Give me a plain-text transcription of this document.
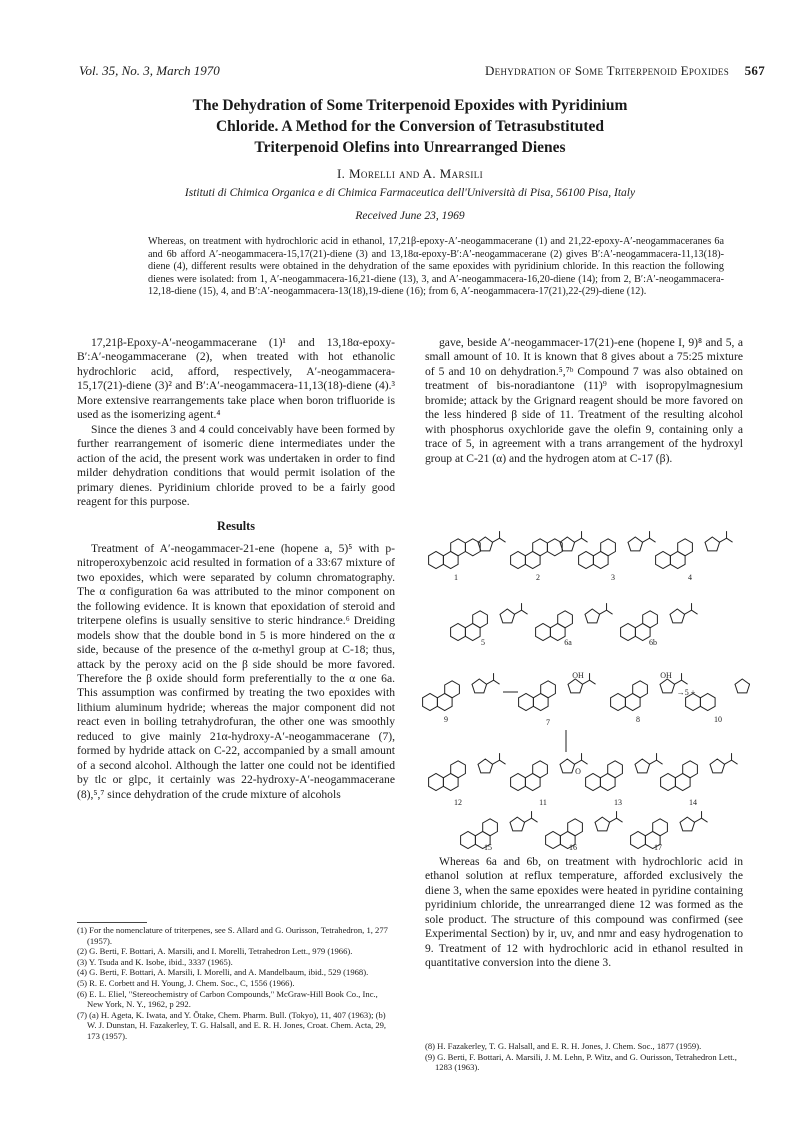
Vol. 35, No. 3, March 1970	Dehydration of Some Triterpenoid Epoxides 567
The Dehydration of Some Triterpenoid Epoxides with Pyridinium
Chloride. A Method for the Conversion of Tetrasubstituted
Triterpenoid Olefins into Unrearranged Dienes
I. Morelli and A. Marsili
Istituti di Chimica Organica e di Chimica Farmaceutica dell'Università di Pisa, 56100 Pisa, Italy
Received June 23, 1969
Whereas, on treatment with hydrochloric acid in ethanol, 17,21β-epoxy-A′-neogammacerane (1) and 21,22-epoxy-A′-neogammaceranes 6a and 6b afford A′-neogammacera-15,17(21)-diene (3) and 13,18α-epoxy-B′:A′-neogammacerane (2) gives B′:A′-neogammacera-11,13(18)-diene (4), different results were obtained in the dehydration of the same epoxides with pyridinium chloride. In this reaction the following dienes were isolated: from 1, A′-neogammacera-16,21-diene (13), 3, and A′-neogammacera-16,20-diene (14); from 2, B′:A′-neogammacera-12,18-diene (15), 4, and B′:A′-neogammacera-13(18),19-diene (16); from 6, A′-neogammacera-17(21),22-(29)-diene (12).

17,21β-Epoxy-A′-neogammacerane (1)¹ and 13,18α-epoxy-B′:A′-neogammacerane (2), when treated with hot ethanolic hydrochloric acid, afford, respectively, A′-neogammacera-15,17(21)-diene (3)² and B′:A′-neogammacera-11,13(18)-diene (4).³ More extensive rearrangements take place when boron trifluoride is used as the isomerizing agent.⁴

Since the dienes 3 and 4 could conceivably have been formed by further rearrangement of isomeric diene intermediates under the action of the acid, the present work was undertaken in order to find milder dehydration conditions that would permit isolation of the primary dienes. Pyridinium chloride proved to be a fairly good reagent for this purpose.

Results

Treatment of A′-neogammacer-21-ene (hopene a, 5)⁵ with p-nitroperoxybenzoic acid resulted in formation of a 33:67 mixture of two epoxides, which were separated by column chromatography. The α configuration 6a was attributed to the minor component on the following evidence. It is known that epoxidation of steroid and triterpene olefins is usually sensitive to steric hindrance.⁶ Dreiding models show that the double bond in 5 is more hindered on the α side, because of the presence of the α-methyl group at C-18; thus, attack by the peroxy acid on the β side should be more favored. Therefore the β oxide should form preferentially to the α one 6a. This assumption was confirmed by treating the two epoxides with lithium aluminum hydride; whereas the major component did not react even in boiling tetrahydrofuran, the other one was smoothly reduced to give mainly 21α-hydroxy-A′-neogammacerane (7), formed by hydride attack on C-22, accompanied by a small amount of a second alcohol. Although the latter one could not be identified by tlc or glpc, it certainly was 22-hydroxy-A′-neogammacerane (8),⁵,⁷ since dehydration of the crude mixture of alcohols

(1) For the nomenclature of triterpenes, see S. Allard and G. Ourisson, Tetrahedron, 1, 277 (1957).
(2) G. Berti, F. Bottari, A. Marsili, and I. Morelli, Tetrahedron Lett., 979 (1966).
(3) Y. Tsuda and K. Isobe, ibid., 3337 (1965).
(4) G. Berti, F. Bottari, A. Marsili, I. Morelli, and A. Mandelbaum, ibid., 529 (1968).
(5) R. E. Corbett and H. Young, J. Chem. Soc., C, 1556 (1966).
(6) E. L. Eliel, "Stereochemistry of Carbon Compounds," McGraw-Hill Book Co., Inc., New York, N. Y., 1962, p 292.
(7) (a) H. Ageta, K. Iwata, and Y. Ōtake, Chem. Pharm. Bull. (Tokyo), 11, 407 (1963); (b) W. J. Dunstan, H. Fazakerley, T. G. Halsall, and E. R. H. Jones, Croat. Chem. Acta, 29, 173 (1957).

gave, beside A′-neogammacer-17(21)-ene (hopene I, 9)⁸ and 5, a small amount of 10. It is known that 8 gives about a 75:25 mixture of 5 and 10 on dehydration.⁵,⁷ᵇ Compound 7 was also obtained on treatment of bis-noradiantone (11)⁹ with isopropylmagnesium bromide; attack by the Grignard reagent should be more favored on the less hindered β side of 11. Treatment of the resulting alcohol with phosphorus oxychloride gave the olefin 9, containing only a trace of 5, in agreement with a trans arrangement of the hydroxyl group at C-21 (α) and the hydrogen atom at C-17 (β).

1	2	3	4
5	6a	6b
9	7
OH
8
OH
→5 +
10
12	11
O
13	14
15	16	17

Whereas 6a and 6b, on treatment with hydrochloric acid in ethanol solution at reflux temperature, afforded exclusively the diene 3, when the same epoxides were heated in pyridine containing pyridinium chloride, the unrearranged diene 12 was formed as the sole product. The structure of this compound was confirmed (see Experimental Section) by ir, uv, and nmr and easy hydrogenation to 9. Treatment of 12 with hydrochloric acid in ethanol resulted in quantitative conversion into the diene 3.

(8) H. Fazakerley, T. G. Halsall, and E. R. H. Jones, J. Chem. Soc., 1877 (1959).
(9) G. Berti, F. Bottari, A. Marsili, J. M. Lehn, P. Witz, and G. Ourisson, Tetrahedron Lett., 1283 (1963).
